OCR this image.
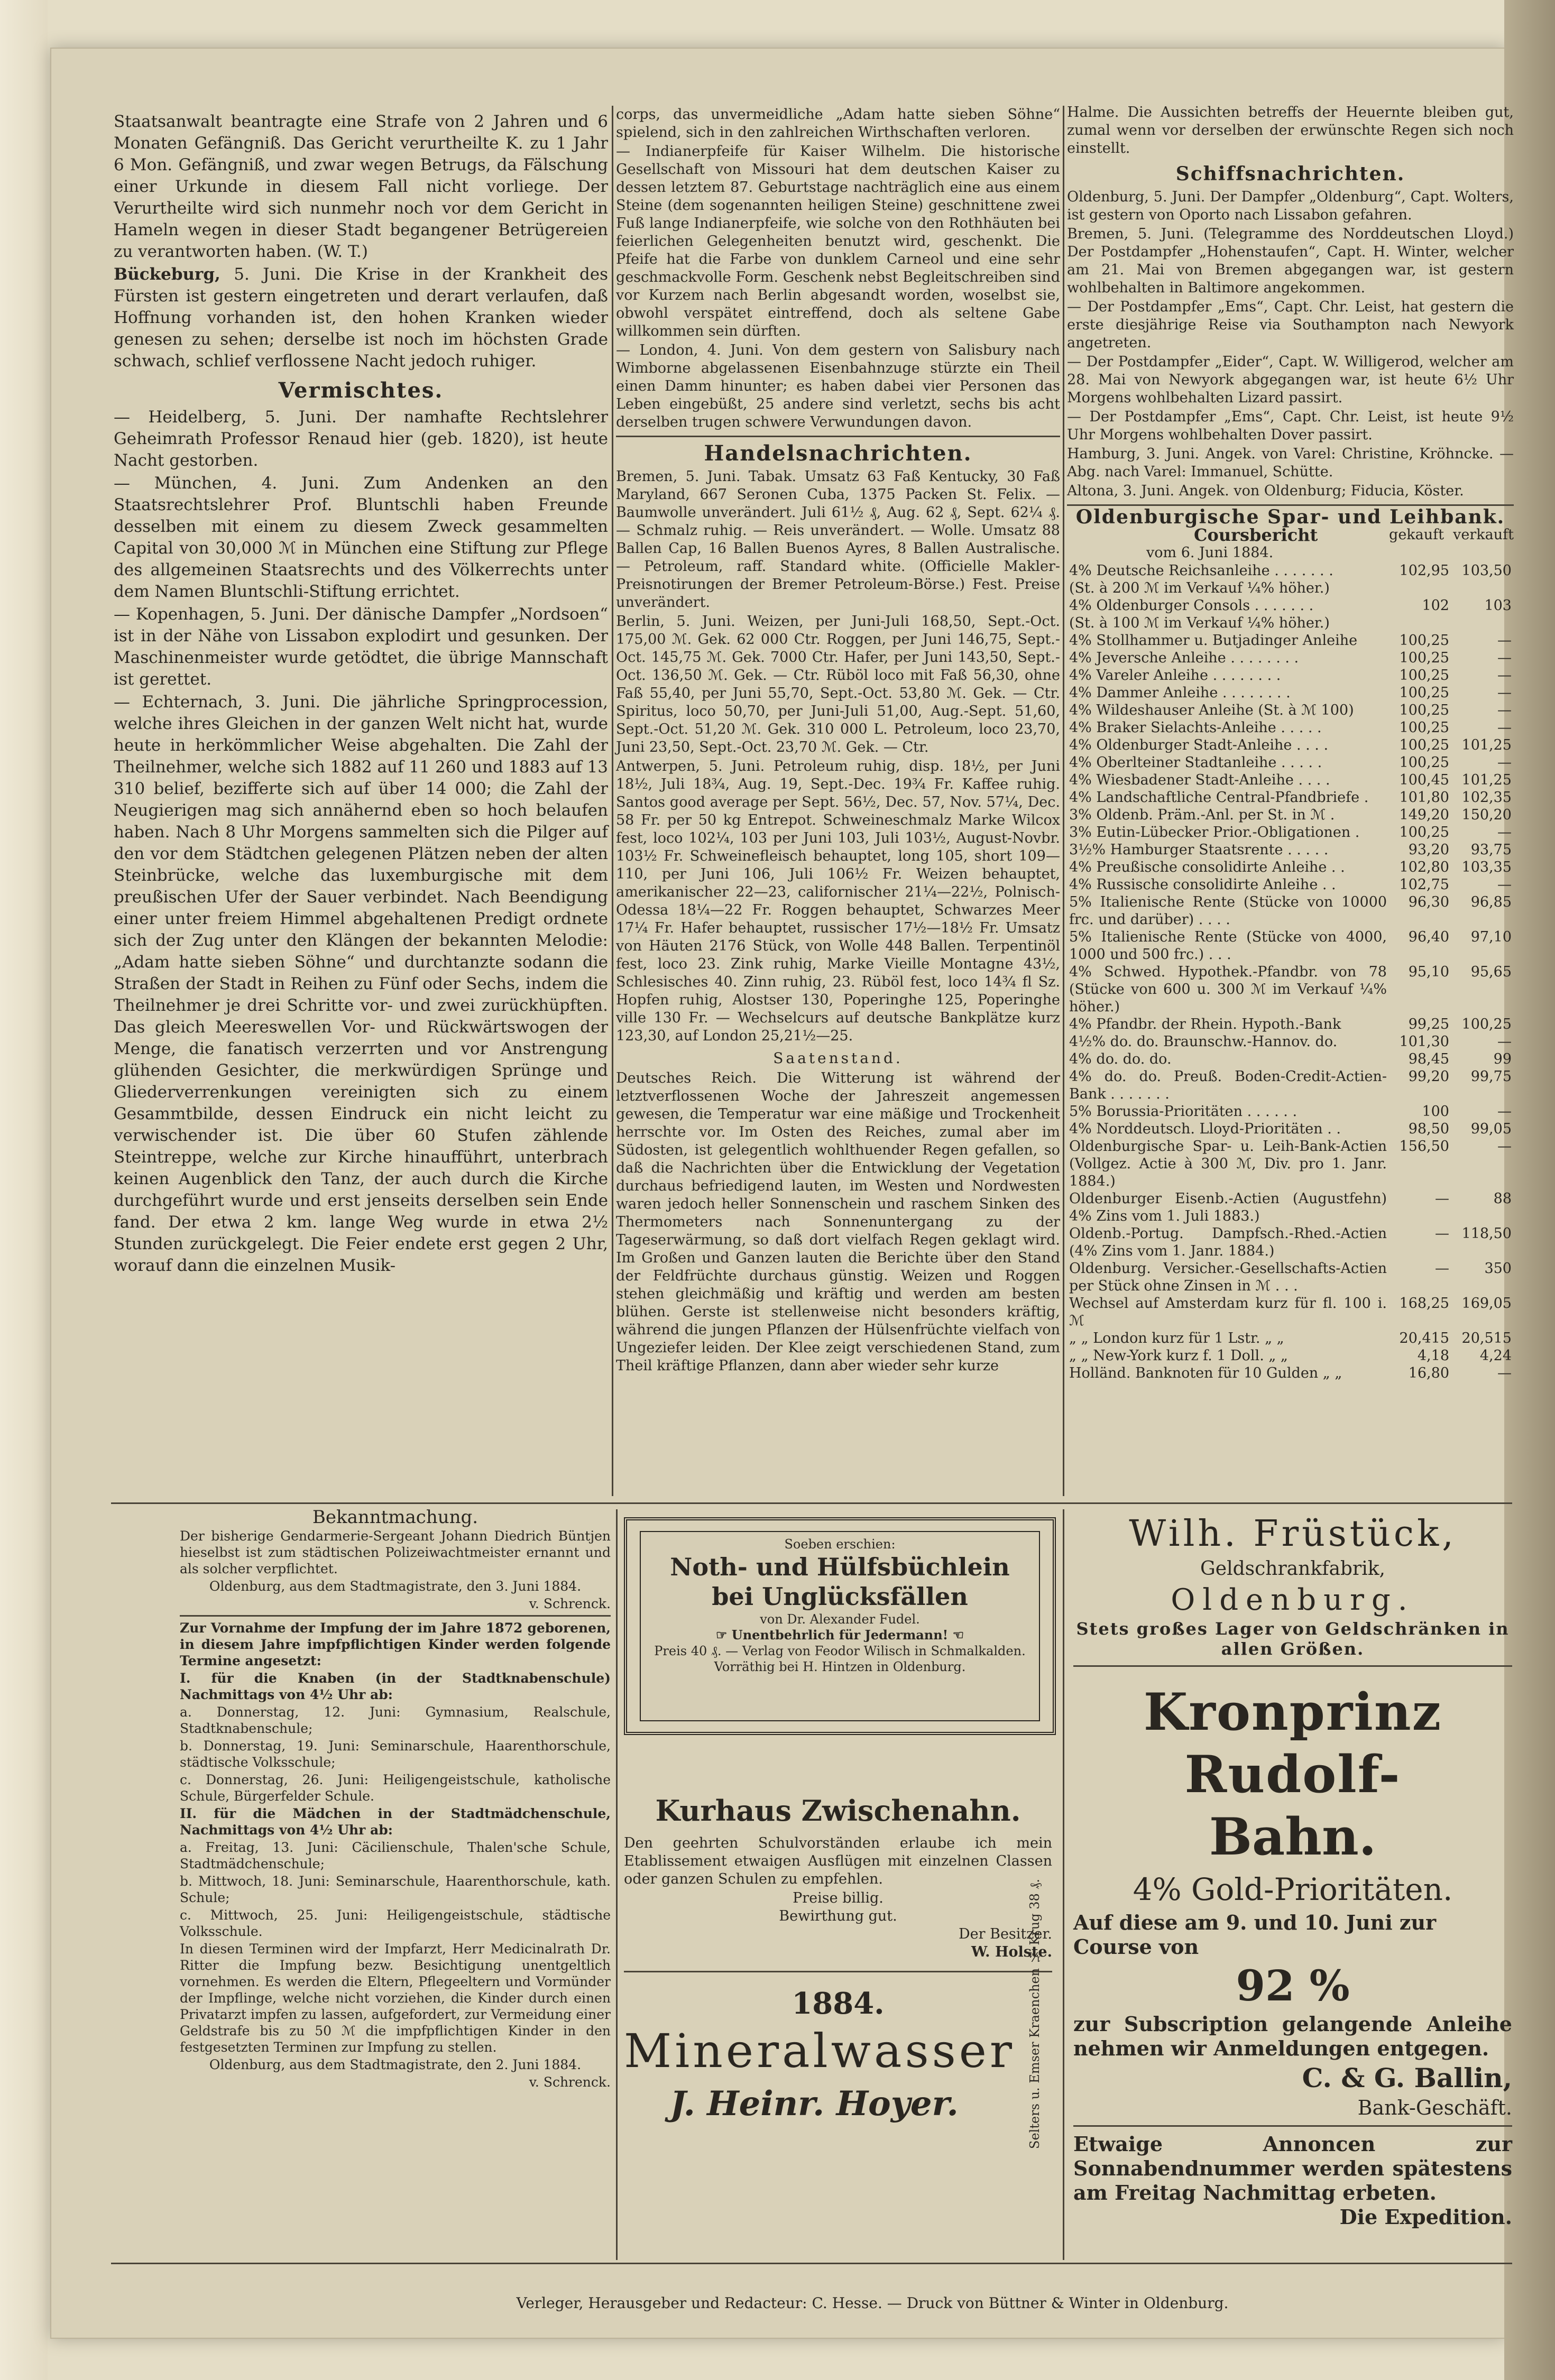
Staatsanwalt beantragte eine Strafe von 2 Jahren und 6 Monaten Gefängniß. Das Gericht verurtheilte K. zu 1 Jahr 6 Mon. Gefängniß, und zwar wegen Betrugs, da Fälschung einer Urkunde in diesem Fall nicht vorliege. Der Verurtheilte wird sich nunmehr noch vor dem Gericht in Hameln wegen in dieser Stadt begangener Betrügereien zu verantworten haben. (W. T.)

Bückeburg, 5. Juni. Die Krise in der Krankheit des Fürsten ist gestern eingetreten und derart verlaufen, daß Hoffnung vorhanden ist, den hohen Kranken wieder genesen zu sehen; derselbe ist noch im höchsten Grade schwach, schlief verflossene Nacht jedoch ruhiger.

Vermischtes.

— Heidelberg, 5. Juni. Der namhafte Rechtslehrer Geheimrath Professor Renaud hier (geb. 1820), ist heute Nacht gestorben.

— München, 4. Juni. Zum Andenken an den Staatsrechtslehrer Prof. Bluntschli haben Freunde desselben mit einem zu diesem Zweck gesammelten Capital von 30,000 ℳ in München eine Stiftung zur Pflege des allgemeinen Staatsrechts und des Völkerrechts unter dem Namen Bluntschli-Stiftung errichtet.

— Kopenhagen, 5. Juni. Der dänische Dampfer „Nordsoen“ ist in der Nähe von Lissabon explodirt und gesunken. Der Maschinenmeister wurde getödtet, die übrige Mannschaft ist gerettet.

— Echternach, 3. Juni. Die jährliche Springprocession, welche ihres Gleichen in der ganzen Welt nicht hat, wurde heute in herkömmlicher Weise abgehalten. Die Zahl der Theilnehmer, welche sich 1882 auf 11 260 und 1883 auf 13 310 belief, bezifferte sich auf über 14 000; die Zahl der Neugierigen mag sich annähernd eben so hoch belaufen haben. Nach 8 Uhr Morgens sammelten sich die Pilger auf den vor dem Städtchen gelegenen Plätzen neben der alten Steinbrücke, welche das luxemburgische mit dem preußischen Ufer der Sauer verbindet. Nach Beendigung einer unter freiem Himmel abgehaltenen Predigt ordnete sich der Zug unter den Klängen der bekannten Melodie: „Adam hatte sieben Söhne“ und durchtanzte sodann die Straßen der Stadt in Reihen zu Fünf oder Sechs, indem die Theilnehmer je drei Schritte vor- und zwei zurückhüpften. Das gleich Meereswellen Vor- und Rückwärtswogen der Menge, die fanatisch verzerrten und vor Anstrengung glühenden Gesichter, die merkwürdigen Sprünge und Gliederverrenkungen vereinigten sich zu einem Gesammtbilde, dessen Eindruck ein nicht leicht zu verwischender ist. Die über 60 Stufen zählende Steintreppe, welche zur Kirche hinaufführt, unterbrach keinen Augenblick den Tanz, der auch durch die Kirche durchgeführt wurde und erst jenseits derselben sein Ende fand. Der etwa 2 km. lange Weg wurde in etwa 2½ Stunden zurückgelegt. Die Feier endete erst gegen 2 Uhr, worauf dann die einzelnen Musik-

corps, das unvermeidliche „Adam hatte sieben Söhne“ spielend, sich in den zahlreichen Wirthschaften verloren.

— Indianerpfeife für Kaiser Wilhelm. Die historische Gesellschaft von Missouri hat dem deutschen Kaiser zu dessen letztem 87. Geburtstage nachträglich eine aus einem Steine (dem sogenannten heiligen Steine) geschnittene zwei Fuß lange Indianerpfeife, wie solche von den Rothhäuten bei feierlichen Gelegenheiten benutzt wird, geschenkt. Die Pfeife hat die Farbe von dunklem Carneol und eine sehr geschmackvolle Form. Geschenk nebst Begleitschreiben sind vor Kurzem nach Berlin abgesandt worden, woselbst sie, obwohl verspätet eintreffend, doch als seltene Gabe willkommen sein dürften.

— London, 4. Juni. Von dem gestern von Salisbury nach Wimborne abgelassenen Eisenbahnzuge stürzte ein Theil einen Damm hinunter; es haben dabei vier Personen das Leben eingebüßt, 25 andere sind verletzt, sechs bis acht derselben trugen schwere Verwundungen davon.

Handelsnachrichten.

Bremen, 5. Juni. Tabak. Umsatz 63 Faß Kentucky, 30 Faß Maryland, 667 Seronen Cuba, 1375 Packen St. Felix. — Baumwolle unverändert. Juli 61½ ₰, Aug. 62 ₰, Sept. 62¼ ₰. — Schmalz ruhig. — Reis unverändert. — Wolle. Umsatz 88 Ballen Cap, 16 Ballen Buenos Ayres, 8 Ballen Australische. — Petroleum, raff. Standard white. (Officielle Makler-Preisnotirungen der Bremer Petroleum-Börse.) Fest. Preise unverändert.

Berlin, 5. Juni. Weizen, per Juni-Juli 168,50, Sept.-Oct. 175,00 ℳ. Gek. 62 000 Ctr. Roggen, per Juni 146,75, Sept.-Oct. 145,75 ℳ. Gek. 7000 Ctr. Hafer, per Juni 143,50, Sept.-Oct. 136,50 ℳ. Gek. — Ctr. Rüböl loco mit Faß 56,30, ohne Faß 55,40, per Juni 55,70, Sept.-Oct. 53,80 ℳ. Gek. — Ctr. Spiritus, loco 50,70, per Juni-Juli 51,00, Aug.-Sept. 51,60, Sept.-Oct. 51,20 ℳ. Gek. 310 000 L. Petroleum, loco 23,70, Juni 23,50, Sept.-Oct. 23,70 ℳ. Gek. — Ctr.

Antwerpen, 5. Juni. Petroleum ruhig, disp. 18½, per Juni 18½, Juli 18¾, Aug. 19, Sept.-Dec. 19¾ Fr. Kaffee ruhig. Santos good average per Sept. 56½, Dec. 57, Nov. 57¼, Dec. 58 Fr. per 50 kg Entrepot. Schweineschmalz Marke Wilcox fest, loco 102¼, 103 per Juni 103, Juli 103½, August-Novbr. 103½ Fr. Schweinefleisch behauptet, long 105, short 109—110, per Juni 106, Juli 106½ Fr. Weizen behauptet, amerikanischer 22—23, californischer 21¼—22½, Polnisch-Odessa 18¼—22 Fr. Roggen behauptet, Schwarzes Meer 17¼ Fr. Hafer behauptet, russischer 17½—18½ Fr. Umsatz von Häuten 2176 Stück, von Wolle 448 Ballen. Terpentinöl fest, loco 23. Zink ruhig, Marke Vieille Montagne 43½, Schlesisches 40. Zinn ruhig, 23. Rüböl fest, loco 14¾ fl Sz. Hopfen ruhig, Alostser 130, Poperinghe 125, Poperinghe ville 130 Fr. — Wechselcurs auf deutsche Bankplätze kurz 123,30, auf London 25,21½—25.

Saatenstand.

Deutsches Reich. Die Witterung ist während der letztverflossenen Woche der Jahreszeit angemessen gewesen, die Temperatur war eine mäßige und Trockenheit herrschte vor. Im Osten des Reiches, zumal aber im Südosten, ist gelegentlich wohlthuender Regen gefallen, so daß die Nachrichten über die Entwicklung der Vegetation durchaus befriedigend lauten, im Westen und Nordwesten waren jedoch heller Sonnenschein und raschem Sinken des Thermometers nach Sonnenuntergang zu der Tageserwärmung, so daß dort vielfach Regen geklagt wird. Im Großen und Ganzen lauten die Berichte über den Stand der Feldfrüchte durchaus günstig. Weizen und Roggen stehen gleichmäßig und kräftig und werden am besten blühen. Gerste ist stellenweise nicht besonders kräftig, während die jungen Pflanzen der Hülsenfrüchte vielfach von Ungeziefer leiden. Der Klee zeigt verschiedenen Stand, zum Theil kräftige Pflanzen, dann aber wieder sehr kurze

Halme. Die Aussichten betreffs der Heuernte bleiben gut, zumal wenn vor derselben der erwünschte Regen sich noch einstellt.

Schiffsnachrichten.

Oldenburg, 5. Juni. Der Dampfer „Oldenburg“, Capt. Wolters, ist gestern von Oporto nach Lissabon gefahren.

Bremen, 5. Juni. (Telegramme des Norddeutschen Lloyd.) Der Postdampfer „Hohenstaufen“, Capt. H. Winter, welcher am 21. Mai von Bremen abgegangen war, ist gestern wohlbehalten in Baltimore angekommen.

— Der Postdampfer „Ems“, Capt. Chr. Leist, hat gestern die erste diesjährige Reise via Southampton nach Newyork angetreten.

— Der Postdampfer „Eider“, Capt. W. Willigerod, welcher am 28. Mai von Newyork abgegangen war, ist heute 6½ Uhr Morgens wohlbehalten Lizard passirt.

— Der Postdampfer „Ems“, Capt. Chr. Leist, ist heute 9½ Uhr Morgens wohlbehalten Dover passirt.

Hamburg, 3. Juni. Angek. von Varel: Christine, Kröhncke. — Abg. nach Varel: Immanuel, Schütte.

Altona, 3. Juni. Angek. von Oldenburg; Fiducia, Köster.

Oldenburgische Spar- und Leihbank.
Coursbericht	gekauft verkauft
vom 6. Juni 1884.
4% Deutsche Reichsanleihe . . . . . . .	102,95	103,50
(St. à 200 ℳ im Verkauf ¼% höher.)		
4% Oldenburger Consols . . . . . . .	102	103
(St. à 100 ℳ im Verkauf ¼% höher.)		
4% Stollhammer u. Butjadinger Anleihe	100,25	—
4% Jeversche Anleihe . . . . . . . .	100,25	—
4% Vareler Anleihe . . . . . . . .	100,25	—
4% Dammer Anleihe . . . . . . . .	100,25	—
4% Wildeshauser Anleihe (St. à ℳ 100)	100,25	—
4% Braker Sielachts-Anleihe . . . . .	100,25	—
4% Oldenburger Stadt-Anleihe . . . .	100,25	101,25
4% Oberlteiner Stadtanleihe . . . . .	100,25	—
4% Wiesbadener Stadt-Anleihe . . . .	100,45	101,25
4% Landschaftliche Central-Pfandbriefe .	101,80	102,35
3% Oldenb. Präm.-Anl. per St. in ℳ .	149,20	150,20
3% Eutin-Lübecker Prior.-Obligationen .	100,25	—
3½% Hamburger Staatsrente . . . . .	93,20	93,75
4% Preußische consolidirte Anleihe . .	102,80	103,35
4% Russische consolidirte Anleihe . .	102,75	—
5% Italienische Rente (Stücke von 10000 frc. und darüber) . . . .	96,30	96,85
5% Italienische Rente (Stücke von 4000, 1000 und 500 frc.) . . .	96,40	97,10
4% Schwed. Hypothek.-Pfandbr. von 78 (Stücke von 600 u. 300 ℳ im Verkauf ¼% höher.)	95,10	95,65
4% Pfandbr. der Rhein. Hypoth.-Bank	99,25	100,25
4½% do. do. Braunschw.-Hannov. do.	101,30	—
4% do. do. do.	98,45	99
4% do. do. Preuß. Boden-Credit-Actien-Bank . . . . . . .	99,20	99,75
5% Borussia-Prioritäten . . . . . .	100	—
4% Norddeutsch. Lloyd-Prioritäten . .	98,50	99,05
Oldenburgische Spar- u. Leih-Bank-Actien (Vollgez. Actie à 300 ℳ, Div. pro 1. Janr. 1884.)	156,50	—
Oldenburger Eisenb.-Actien (Augustfehn) 4% Zins vom 1. Juli 1883.)	—	88
Oldenb.-Portug. Dampfsch.-Rhed.-Actien (4% Zins vom 1. Janr. 1884.)	—	118,50
Oldenburg. Versicher.-Gesellschafts-Actien per Stück ohne Zinsen in ℳ . . .	—	350
Wechsel auf Amsterdam kurz für fl. 100 i. ℳ	168,25	169,05
„ „ London kurz für 1 Lstr. „ „	20,415	20,515
„ „ New-York kurz f. 1 Doll. „ „	4,18	4,24
Holländ. Banknoten für 10 Gulden „ „	16,80	—
Bekanntmachung.

Der bisherige Gendarmerie-Sergeant Johann Diedrich Büntjen hieselbst ist zum städtischen Polizeiwachtmeister ernannt und als solcher verpflichtet.

Oldenburg, aus dem Stadtmagistrate, den 3. Juni 1884.

v. Schrenck.

Zur Vornahme der Impfung der im Jahre 1872 geborenen, in diesem Jahre impfpflichtigen Kinder werden folgende Termine angesetzt:

I. für die Knaben (in der Stadtknabenschule) Nachmittags von 4½ Uhr ab:

a. Donnerstag, 12. Juni: Gymnasium, Realschule, Stadtknabenschule;

b. Donnerstag, 19. Juni: Seminarschule, Haarenthorschule, städtische Volksschule;

c. Donnerstag, 26. Juni: Heiligengeistschule, katholische Schule, Bürgerfelder Schule.

II. für die Mädchen in der Stadtmädchenschule, Nachmittags von 4½ Uhr ab:

a. Freitag, 13. Juni: Cäcilienschule, Thalen'sche Schule, Stadtmädchenschule;

b. Mittwoch, 18. Juni: Seminarschule, Haarenthorschule, kath. Schule;

c. Mittwoch, 25. Juni: Heiligengeistschule, städtische Volksschule.

In diesen Terminen wird der Impfarzt, Herr Medicinalrath Dr. Ritter die Impfung bezw. Besichtigung unentgeltlich vornehmen. Es werden die Eltern, Pflegeeltern und Vormünder der Impflinge, welche nicht vorziehen, die Kinder durch einen Privatarzt impfen zu lassen, aufgefordert, zur Vermeidung einer Geldstrafe bis zu 50 ℳ die impfpflichtigen Kinder in den festgesetzten Terminen zur Impfung zu stellen.

Oldenburg, aus dem Stadtmagistrate, den 2. Juni 1884.

v. Schrenck.

Soeben erschien:
Noth- und Hülfsbüchlein
bei Unglücksfällen
von Dr. Alexander Fudel.
☞ Unentbehrlich für Jedermann! ☜
Preis 40 ₰. — Verlag von Feodor Wilisch in Schmalkalden.
Vorräthig bei H. Hintzen in Oldenburg.
Kurhaus Zwischenahn.

Den geehrten Schulvorständen erlaube ich mein Etablissement etwaigen Ausflügen mit einzelnen Classen oder ganzen Schulen zu empfehlen.

Preise billig.
Bewirthung gut.
Der Besitzer.
W. Holste.
1884.
Mineralwasser Selters u. Emser Kraenchen ¼ Krug 38 ₰.
J. Heinr. Hoyer.
Wilh. Früstück,
Geldschrankfabrik,
Oldenburg.
Stets großes Lager von Geldschränken in allen Größen.
Kronprinz Rudolf-
Bahn.
4% Gold-Prioritäten.
Auf diese am 9. und 10. Juni zur
Course von
92 %
zur Subscription gelangende Anleihe nehmen wir Anmeldungen entgegen.
C. & G. Ballin,
Bank-Geschäft.
Etwaige Annoncen zur Sonnabendnummer werden spätestens am Freitag Nachmittag erbeten.
Die Expedition.
Verleger, Herausgeber und Redacteur: C. Hesse. — Druck von Büttner & Winter in Oldenburg.
